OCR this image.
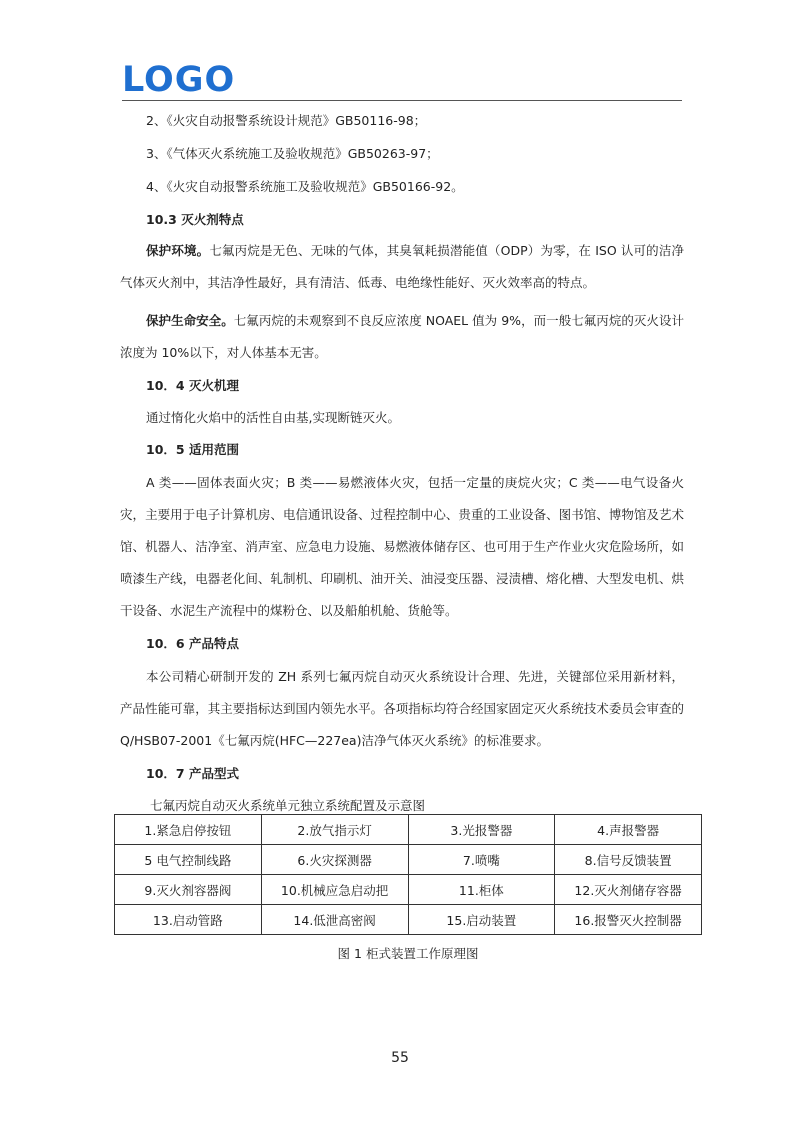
LOGO
2、《火灾自动报警系统设计规范》GB50116-98；
3、《气体灭火系统施工及验收规范》GB50263-97；
4、《火灾自动报警系统施工及验收规范》GB50166-92。
10.3 灭火剂特点
保护环境。七氟丙烷是无色、无味的气体，其臭氧耗损潜能值（ODP）为零，在 ISO 认可的洁净气体灭火剂中，其洁净性最好，具有清洁、低毒、电绝缘性能好、灭火效率高的特点。
保护生命安全。七氟丙烷的未观察到不良反应浓度 NOAEL 值为 9%，而一般七氟丙烷的灭火设计浓度为 10%以下，对人体基本无害。
10．4 灭火机理
通过惰化火焰中的活性自由基,实现断链灭火。
10．5 适用范围
A 类——固体表面火灾；B 类——易燃液体火灾，包括一定量的庚烷火灾；C 类——电气设备火灾，主要用于电子计算机房、电信通讯设备、过程控制中心、贵重的工业设备、图书馆、博物馆及艺术馆、机器人、洁净室、消声室、应急电力设施、易燃液体储存区、也可用于生产作业火灾危险场所，如喷漆生产线，电器老化间、轧制机、印刷机、油开关、油浸变压器、浸渍槽、熔化槽、大型发电机、烘干设备、水泥生产流程中的煤粉仓、以及船舶机舱、货舱等。
10．6 产品特点
本公司精心研制开发的 ZH 系列七氟丙烷自动灭火系统设计合理、先进，关键部位采用新材料，产品性能可靠，其主要指标达到国内领先水平。各项指标均符合经国家固定灭火系统技术委员会审查的 Q/HSB07-2001《七氟丙烷(HFC—227ea)洁净气体灭火系统》的标准要求。
10．7 产品型式
七氟丙烷自动灭火系统单元独立系统配置及示意图
1.紧急启停按钮	2.放气指示灯	3.光报警器	4.声报警器
5 电气控制线路	6.火灾探测器	7.喷嘴	8.信号反馈装置
9.灭火剂容器阀	10.机械应急启动把	11.柜体	12.灭火剂储存容器
13.启动管路	14.低泄高密阀	15.启动装置	16.报警灭火控制器
图 1 柜式装置工作原理图
55
